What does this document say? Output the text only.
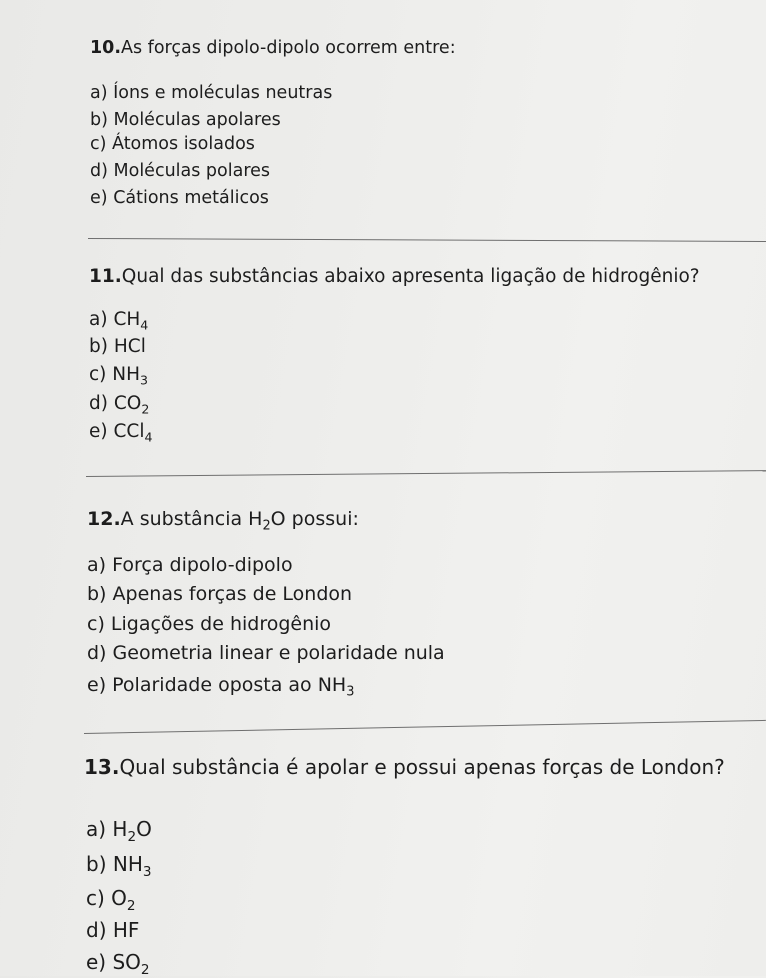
10.As forças dipolo-dipolo ocorrem entre:
a) Íons e moléculas neutras
b) Moléculas apolares
c) Átomos isolados
d) Moléculas polares
e) Cátions metálicos
11.Qual das substâncias abaixo apresenta ligação de hidrogênio?
a) $CH_4$
b) HCl
c) $NH_3$
d) $CO_2$
e) CCl$_4$
12.A substância $H_2O$ possui:
a) Força dipolo-dipolo
b) Apenas forças de London
c) Ligações de hidrogênio
d) Geometria linear e polaridade nula
e) Polaridade oposta ao $NH_3$
13.Qual substância é apolar e possui apenas forças de London?
a) $H_2O$
b) $NH_3$
c) $O_2$
d) HF
e) $SO_2$
